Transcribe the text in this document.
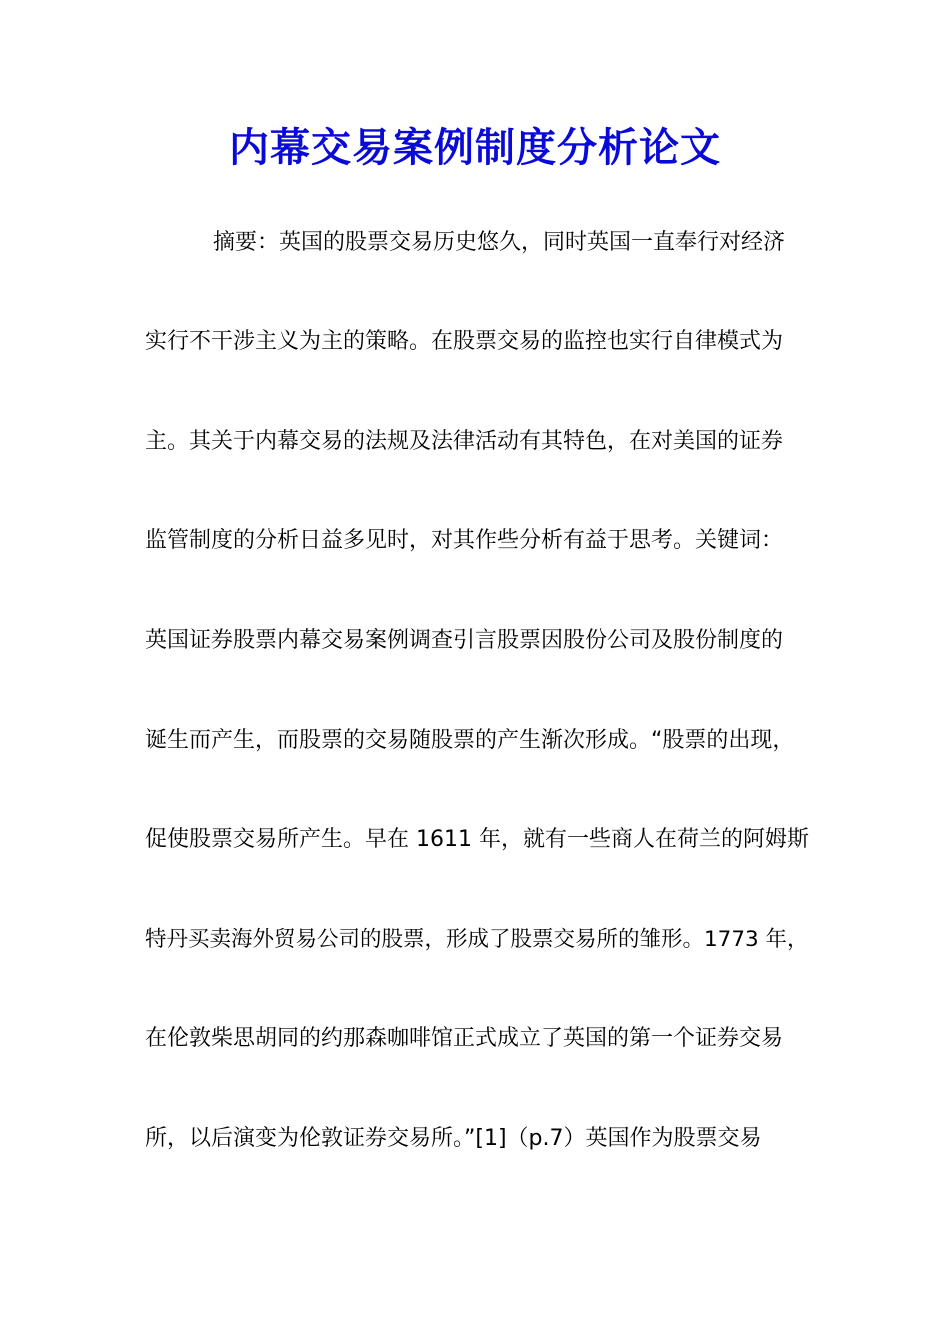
内幕交易案例制度分析论文
摘要：英国的股票交易历史悠久，同时英国一直奉行对经济
实行不干涉主义为主的策略。在股票交易的监控也实行自律模式为
主。其关于内幕交易的法规及法律活动有其特色，在对美国的证券
监管制度的分析日益多见时，对其作些分析有益于思考。关键词：
英国证券股票内幕交易案例调查引言股票因股份公司及股份制度的
诞生而产生，而股票的交易随股票的产生渐次形成。“股票的出现，
促使股票交易所产生。早在 1611 年，就有一些商人在荷兰的阿姆斯
特丹买卖海外贸易公司的股票，形成了股票交易所的雏形。1773 年，
在伦敦柴思胡同的约那森咖啡馆正式成立了英国的第一个证券交易
所，以后演变为伦敦证券交易所。”[1]（p.7）英国作为股票交易
